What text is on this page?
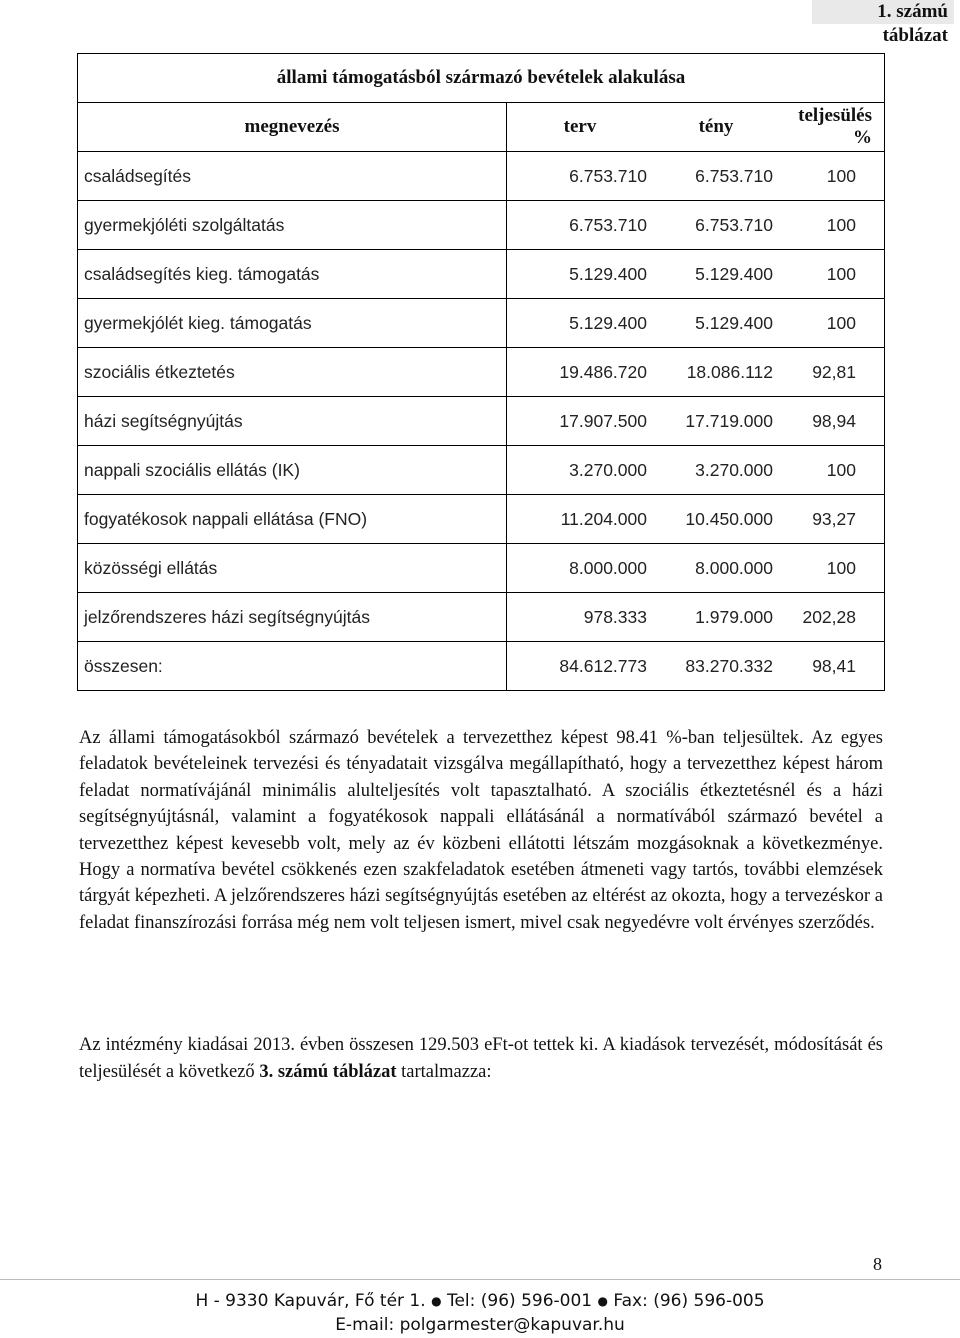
1. számú táblázat
állami támogatásból származó bevételek alakulása			
megnevezés	terv	tény	teljesülés %
családsegítés	6.753.710	6.753.710	100
gyermekjóléti szolgáltatás	6.753.710	6.753.710	100
családsegítés kieg. támogatás	5.129.400	5.129.400	100
gyermekjólét kieg. támogatás	5.129.400	5.129.400	100
szociális étkeztetés	19.486.720	18.086.112	92,81
házi segítségnyújtás	17.907.500	17.719.000	98,94
nappali szociális ellátás (IK)	3.270.000	3.270.000	100
fogyatékosok nappali ellátása (FNO)	11.204.000	10.450.000	93,27
közösségi ellátás	8.000.000	8.000.000	100
jelzőrendszeres házi segítségnyújtás	978.333	1.979.000	202,28
összesen:	84.612.773	83.270.332	98,41

Az állami támogatásokból származó bevételek a tervezetthez képest 98.41 %-ban teljesültek. Az egyes feladatok bevételeinek tervezési és tényadatait vizsgálva megállapítható, hogy a tervezetthez képest három feladat normatívájánál minimális alulteljesítés volt tapasztalható. A szociális étkeztetésnél és a házi segítségnyújtásnál, valamint a fogyatékosok nappali ellátásánál a normatívából származó bevétel a tervezetthez képest kevesebb volt, mely az év közbeni ellátotti létszám mozgásoknak a következménye. Hogy a normatíva bevétel csökkenés ezen szakfeladatok esetében átmeneti vagy tartós, további elemzések tárgyát képezheti. A jelzőrendszeres házi segítségnyújtás esetében az eltérést az okozta, hogy a tervezéskor a feladat finanszírozási forrása még nem volt teljesen ismert, mivel csak negyedévre volt érvényes szerződés.

Az intézmény kiadásai 2013. évben összesen 129.503 eFt-ot tettek ki. A kiadások tervezését, módosítását és teljesülését a következő 3. számú táblázat tartalmazza:

8
H - 9330 Kapuvár, Fő tér 1. ● Tel: (96) 596-001 ● Fax: (96) 596-005
E-mail: polgarmester@kapuvar.hu
